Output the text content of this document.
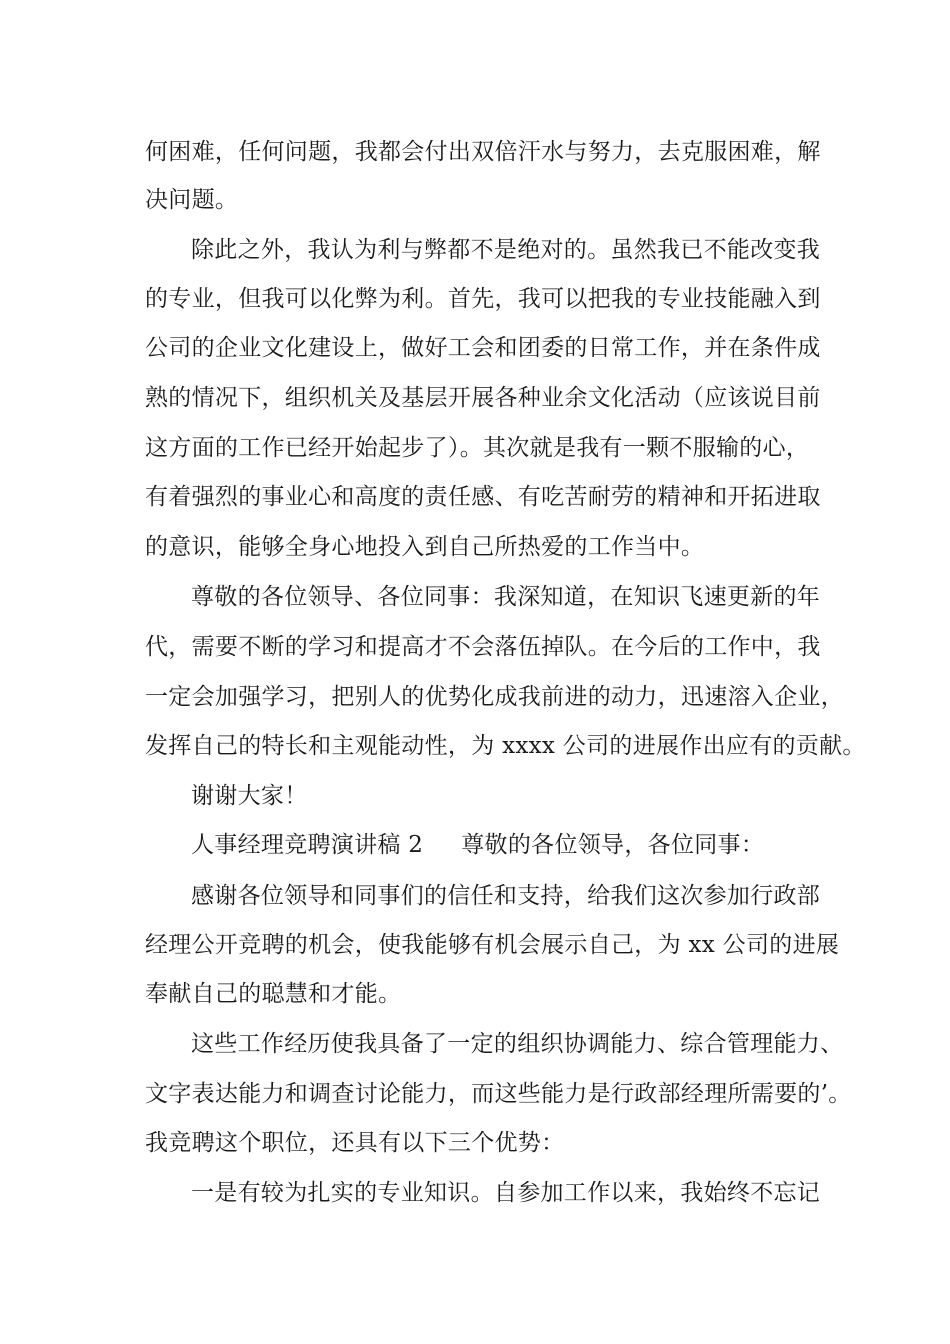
何困难，任何问题，我都会付出双倍汗水与努力，去克服困难，解
决问题。
除此之外，我认为利与弊都不是绝对的。虽然我已不能改变我
的专业，但我可以化弊为利。首先，我可以把我的专业技能融入到
公司的企业文化建设上，做好工会和团委的日常工作，并在条件成
熟的情况下，组织机关及基层开展各种业余文化活动（应该说目前
这方面的工作已经开始起步了）。其次就是我有一颗不服输的心，
有着强烈的事业心和高度的责任感、有吃苦耐劳的精神和开拓进取
的意识，能够全身心地投入到自己所热爱的工作当中。
尊敬的各位领导、各位同事：我深知道，在知识飞速更新的年
代，需要不断的学习和提高才不会落伍掉队。在今后的工作中，我
一定会加强学习，把别人的优势化成我前进的动力，迅速溶入企业，
发挥自己的特长和主观能动性，为 xxxx 公司的进展作出应有的贡献。
谢谢大家！
人事经理竞聘演讲稿 2 尊敬的各位领导，各位同事：
感谢各位领导和同事们的信任和支持，给我们这次参加行政部
经理公开竞聘的机会，使我能够有机会展示自己，为 xx 公司的进展
奉献自己的聪慧和才能。
这些工作经历使我具备了一定的组织协调能力、综合管理能力、
文字表达能力和调查讨论能力，而这些能力是行政部经理所需要的’。
我竞聘这个职位，还具有以下三个优势：
一是有较为扎实的专业知识。自参加工作以来，我始终不忘记
